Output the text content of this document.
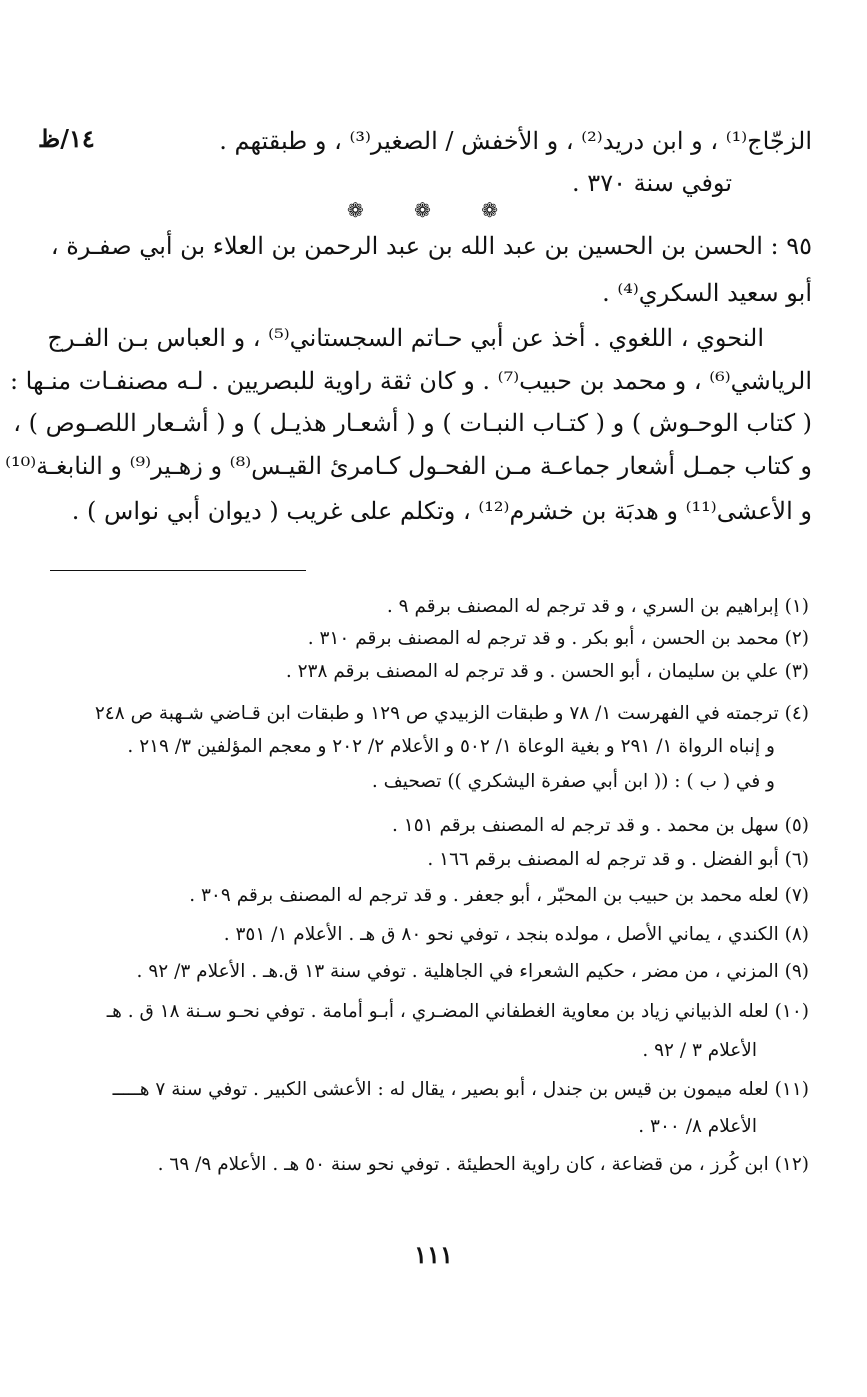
١٤/ظ	الزجّاج⁽¹⁾ ، و ابن دريد⁽²⁾ ، و الأخفش / الصغير⁽³⁾ ، و طبقتهم .
توفي سنة ٣٧٠ .
❁ ❁ ❁
٩٥ : الحسن بن الحسين بن عبد الله بن عبد الرحمن بن العلاء بن أبي صفـرة ،
أبو سعيد السكري⁽⁴⁾ .
النحوي ، اللغوي . أخذ عن أبي حـاتم السجستاني⁽⁵⁾ ، و العباس بـن الفـرج
الرياشي⁽⁶⁾ ، و محمد بن حبيب⁽⁷⁾ . و كان ثقة راوية للبصريين . لـه مصنفـات منـها :
( كتاب الوحـوش ) و ( كتـاب النبـات ) و ( أشعـار هذيـل ) و ( أشـعار اللصـوص ) ،
و كتاب جمـل أشعار جماعـة مـن الفحـول كـامرئ القيـس⁽⁸⁾ و زهـير⁽⁹⁾ و النابغـة⁽¹⁰⁾
و الأعشى⁽¹¹⁾ و هدبَة بن خشرم⁽¹²⁾ ، وتكلم على غريب ( ديوان أبي نواس ) .
(١) إبراهيم بن السري ، و قد ترجم له المصنف برقم ٩ .
(٢) محمد بن الحسن ، أبو بكر . و قد ترجم له المصنف برقم ٣١٠ .
(٣) علي بن سليمان ، أبو الحسن . و قد ترجم له المصنف برقم ٢٣٨ .
(٤) ترجمته في الفهرست ١/ ٧٨ و طبقات الزبيدي ص ١٢٩ و طبقات ابن قـاضي شـهبة ص ٢٤٨
و إنباه الرواة ١/ ٢٩١ و بغية الوعاة ١/ ٥٠٢ و الأعلام ٢/ ٢٠٢ و معجم المؤلفين ٣/ ٢١٩ .
و في ( ب ) : (( ابن أبي صفرة اليشكري )) تصحيف .
(٥) سهل بن محمد . و قد ترجم له المصنف برقم ١٥١ .
(٦) أبو الفضل . و قد ترجم له المصنف برقم ١٦٦ .
(٧) لعله محمد بن حبيب بن المحبّر ، أبو جعفر . و قد ترجم له المصنف برقم ٣٠٩ .
(٨) الكندي ، يماني الأصل ، مولده بنجد ، توفي نحو ٨٠ ق هـ . الأعلام ١/ ٣٥١ .
(٩) المزني ، من مضر ، حكيم الشعراء في الجاهلية . توفي سنة ١٣ ق.هـ . الأعلام ٣/ ٩٢ .
(١٠) لعله الذبياني زياد بن معاوية الغطفاني المضـري ، أبـو أمامة . توفي نحـو سـنة ١٨ ق . هـ
الأعلام ٣ / ٩٢ .
(١١) لعله ميمون بن قيس بن جندل ، أبو بصير ، يقال له : الأعشى الكبير . توفي سنة ٧ هـــــ
الأعلام ٨/ ٣٠٠ .
(١٢) ابن كُرز ، من قضاعة ، كان راوية الحطيئة . توفي نحو سنة ٥٠ هـ . الأعلام ٩/ ٦٩ .
١١١
